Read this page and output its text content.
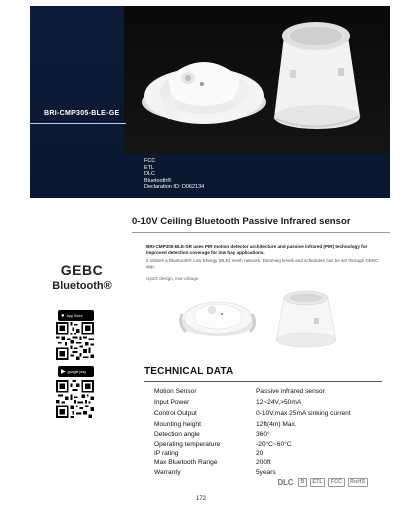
BRI-CMP305-BLE-GE
FCC
ETL
DLC
Bluetooth®
Declaration ID: D062134
GEBC
Bluetooth®
● App Store
▶ google play
0-10V Ceiling Bluetooth Passive Infrared sensor
BRI-CMP305-BLE-SR uses PIR motion detector architecture and passive infrared (PIR) technology for improved detection coverage for low bay applications.
It utilizes a Bluetooth® Low Energy (BLE) mesh network. Dimming levels and schedules can be set through GEBC app.
Up2G design, low voltage
TECHNICAL DATA
Motion Sensor	Passive infrared sensor
Input Power	12~24V,>50mA
Control Output	0-10V,max 25mA sinking current
Mounting height	12ft(4m) Max.
Detection angle	360°
Operating temperature	-20°C~60°C
IP rating	20
Max Bluetooth Range	200ft
Warranty	5years
DLC	B	ETL	FCC	RoHS
172
